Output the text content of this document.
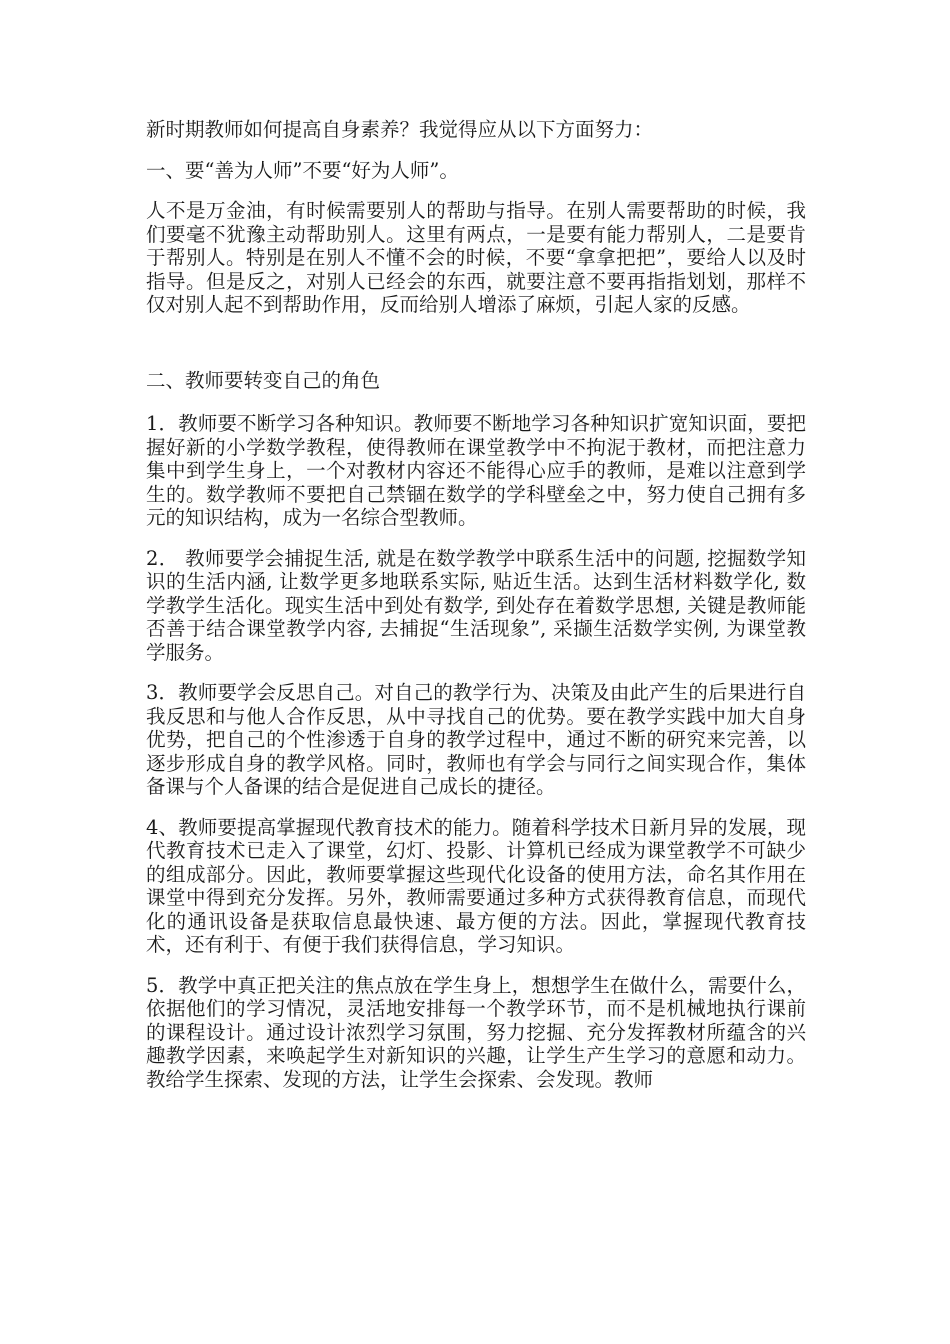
新时期教师如何提高自身素养？我觉得应从以下方面努力：

一、要“善为人师”不要“好为人师”。

人不是万金油，有时候需要别人的帮助与指导。在别人需要帮助的时候，我们要毫不犹豫主动帮助别人。这里有两点，一是要有能力帮别人，二是要肯于帮别人。特别是在别人不懂不会的时候，不要“拿拿把把”，要给人以及时指导。但是反之，对别人已经会的东西，就要注意不要再指指划划，那样不仅对别人起不到帮助作用，反而给别人增添了麻烦，引起人家的反感。

二、教师要转变自己的角色

1．教师要不断学习各种知识。教师要不断地学习各种知识扩宽知识面，要把握好新的小学数学教程，使得教师在课堂教学中不拘泥于教材，而把注意力集中到学生身上，一个对教材内容还不能得心应手的教师，是难以注意到学生的。数学教师不要把自己禁锢在数学的学科壁垒之中，努力使自己拥有多元的知识结构，成为一名综合型教师。

2． 教师要学会捕捉生活, 就是在数学教学中联系生活中的问题, 挖掘数学知识的生活内涵, 让数学更多地联系实际, 贴近生活。达到生活材料数学化, 数学教学生活化。现实生活中到处有数学, 到处存在着数学思想, 关键是教师能否善于结合课堂教学内容, 去捕捉“生活现象”, 采撷生活数学实例, 为课堂教学服务。

3．教师要学会反思自己。对自己的教学行为、决策及由此产生的后果进行自我反思和与他人合作反思，从中寻找自己的优势。要在教学实践中加大自身优势，把自己的个性渗透于自身的教学过程中，通过不断的研究来完善，以逐步形成自身的教学风格。同时，教师也有学会与同行之间实现合作，集体备课与个人备课的结合是促进自己成长的捷径。

4、教师要提高掌握现代教育技术的能力。随着科学技术日新月异的发展，现代教育技术已走入了课堂，幻灯、投影、计算机已经成为课堂教学不可缺少的组成部分。因此，教师要掌握这些现代化设备的使用方法，命名其作用在课堂中得到充分发挥。另外，教师需要通过多种方式获得教育信息，而现代化的通讯设备是获取信息最快速、最方便的方法。因此，掌握现代教育技术，还有利于、有便于我们获得信息，学习知识。

5．教学中真正把关注的焦点放在学生身上，想想学生在做什么，需要什么，依据他们的学习情况，灵活地安排每一个教学环节，而不是机械地执行课前的课程设计。通过设计浓烈学习氛围，努力挖掘、充分发挥教材所蕴含的兴趣教学因素，来唤起学生对新知识的兴趣，让学生产生学习的意愿和动力。教给学生探索、发现的方法，让学生会探索、会发现。教师
